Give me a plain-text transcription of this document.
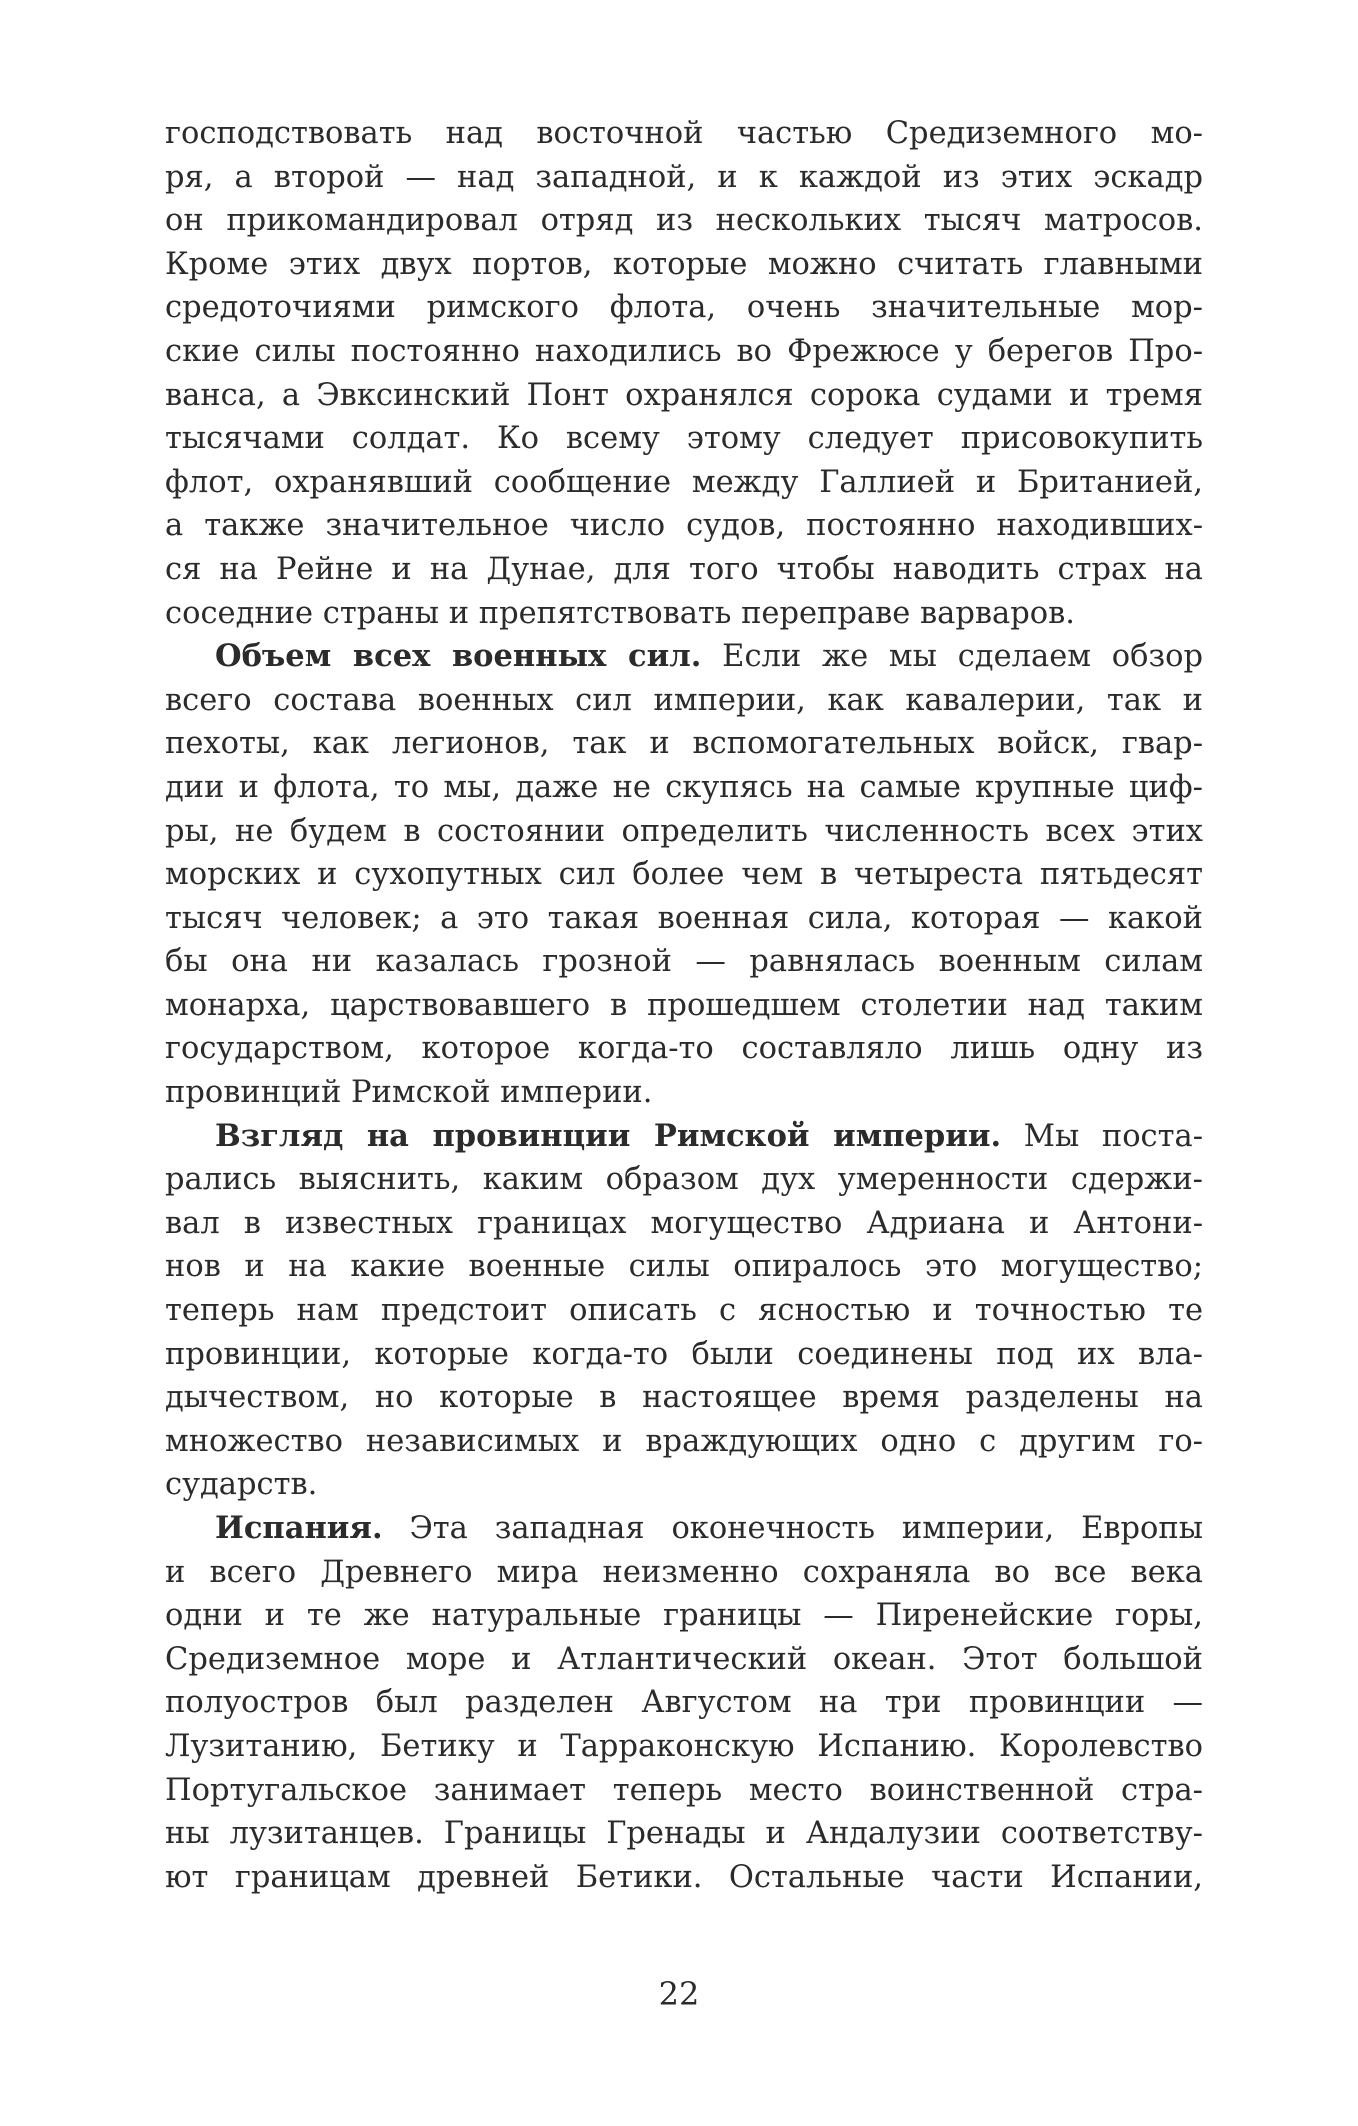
господствовать над восточной частью Средиземного мо-
ря, а второй — над западной, и к каждой из этих эскадр
он прикомандировал отряд из нескольких тысяч матросов.
Кроме этих двух портов, которые можно считать главными
средоточиями римского флота, очень значительные мор-
ские силы постоянно находились во Фрежюсе у берегов Про-
ванса, а Эвксинский Понт охранялся сорока судами и тремя
тысячами солдат. Ко всему этому следует присовокупить
флот, охранявший сообщение между Галлией и Британией,
а также значительное число судов, постоянно находивших-
ся на Рейне и на Дунае, для того чтобы наводить страх на
соседние страны и препятствовать переправе варваров.
Объем всех военных сил. Если же мы сделаем обзор
всего состава военных сил империи, как кавалерии, так и
пехоты, как легионов, так и вспомогательных войск, гвар-
дии и флота, то мы, даже не скупясь на самые крупные циф-
ры, не будем в состоянии определить численность всех этих
морских и сухопутных сил более чем в четыреста пятьдесят
тысяч человек; а это такая военная сила, которая — какой
бы она ни казалась грозной — равнялась военным силам
монарха, царствовавшего в прошедшем столетии над таким
государством, которое когда-то составляло лишь одну из
провинций Римской империи.
Взгляд на провинции Римской империи. Мы поста-
рались выяснить, каким образом дух умеренности сдержи-
вал в известных границах могущество Адриана и Антони-
нов и на какие военные силы опиралось это могущество;
теперь нам предстоит описать с ясностью и точностью те
провинции, которые когда-то были соединены под их вла-
дычеством, но которые в настоящее время разделены на
множество независимых и враждующих одно с другим го-
сударств.
Испания. Эта западная оконечность империи, Европы
и всего Древнего мира неизменно сохраняла во все века
одни и те же натуральные границы — Пиренейские горы,
Средиземное море и Атлантический океан. Этот большой
полуостров был разделен Августом на три провинции —
Лузитанию, Бетику и Тарраконскую Испанию. Королевство
Португальское занимает теперь место воинственной стра-
ны лузитанцев. Границы Гренады и Андалузии соответству-
ют границам древней Бетики. Остальные части Испании,
22
